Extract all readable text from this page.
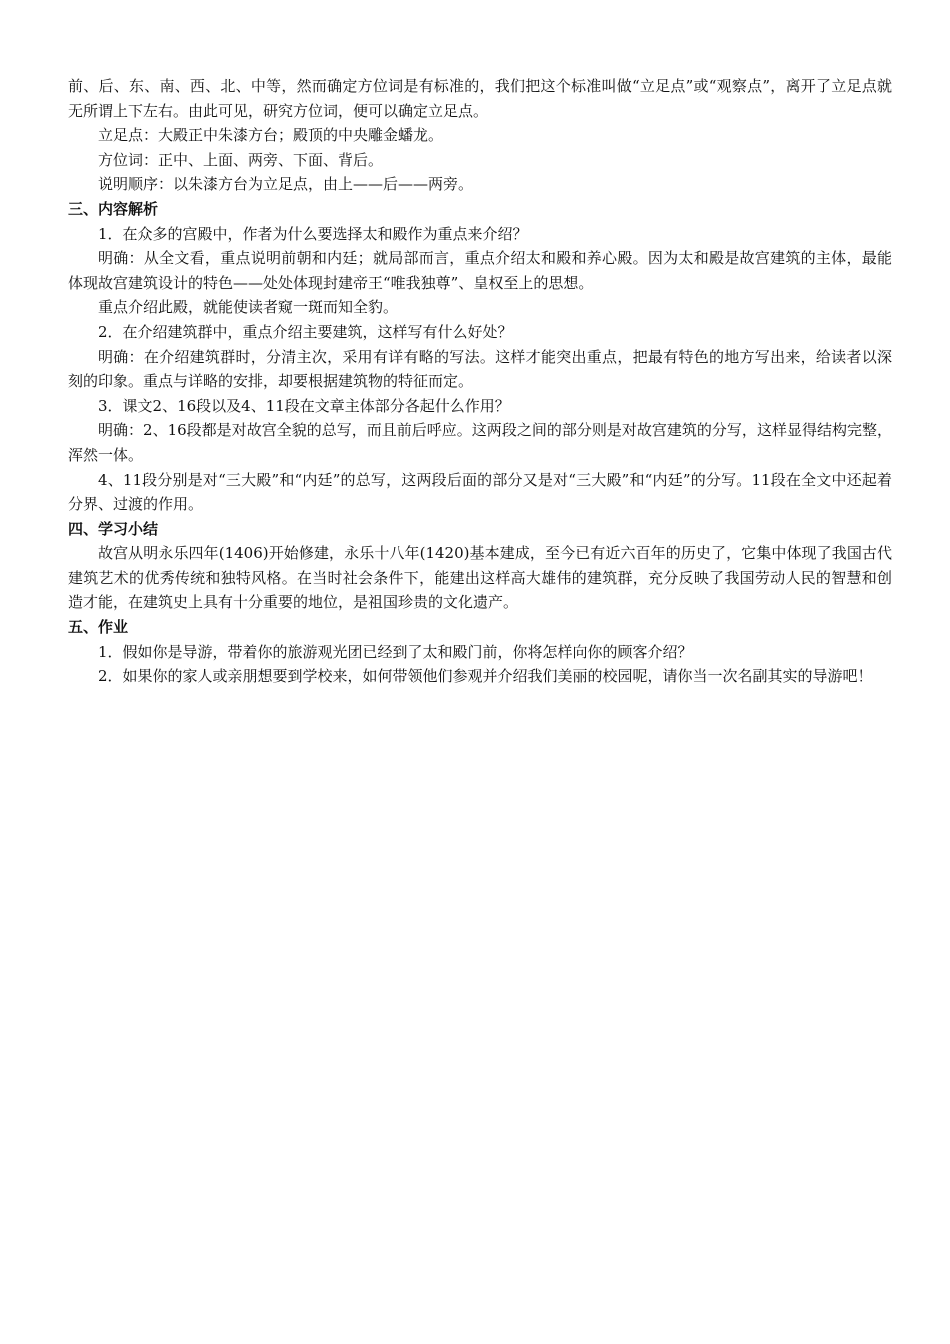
前、后、东、南、西、北、中等，然而确定方位词是有标准的，我们把这个标准叫做“立足点”或“观察点”，离开了立足点就无所谓上下左右。由此可见，研究方位词，便可以确定立足点。

立足点：大殿正中朱漆方台；殿顶的中央雕金蟠龙。

方位词：正中、上面、两旁、下面、背后。

说明顺序：以朱漆方台为立足点，由上——后——两旁。

三、内容解析

1．在众多的宫殿中，作者为什么要选择太和殿作为重点来介绍？

明确：从全文看，重点说明前朝和内廷；就局部而言，重点介绍太和殿和养心殿。因为太和殿是故宫建筑的主体，最能体现故宫建筑设计的特色——处处体现封建帝王“唯我独尊”、皇权至上的思想。

重点介绍此殿，就能使读者窥一斑而知全豹。

2．在介绍建筑群中，重点介绍主要建筑，这样写有什么好处？

明确：在介绍建筑群时，分清主次，采用有详有略的写法。这样才能突出重点，把最有特色的地方写出来，给读者以深刻的印象。重点与详略的安排，却要根据建筑物的特征而定。

3．课文2、16段以及4、11段在文章主体部分各起什么作用？

明确：2、16段都是对故宫全貌的总写，而且前后呼应。这两段之间的部分则是对故宫建筑的分写，这样显得结构完整，浑然一体。

4、11段分别是对“三大殿”和“内廷”的总写，这两段后面的部分又是对“三大殿”和“内廷”的分写。11段在全文中还起着分界、过渡的作用。

四、学习小结

故宫从明永乐四年(1406)开始修建，永乐十八年(1420)基本建成，至今已有近六百年的历史了，它集中体现了我国古代建筑艺术的优秀传统和独特风格。在当时社会条件下，能建出这样高大雄伟的建筑群，充分反映了我国劳动人民的智慧和创造才能，在建筑史上具有十分重要的地位，是祖国珍贵的文化遗产。

五、作业

1．假如你是导游，带着你的旅游观光团已经到了太和殿门前，你将怎样向你的顾客介绍？

2．如果你的家人或亲朋想要到学校来，如何带领他们参观并介绍我们美丽的校园呢，请你当一次名副其实的导游吧！
